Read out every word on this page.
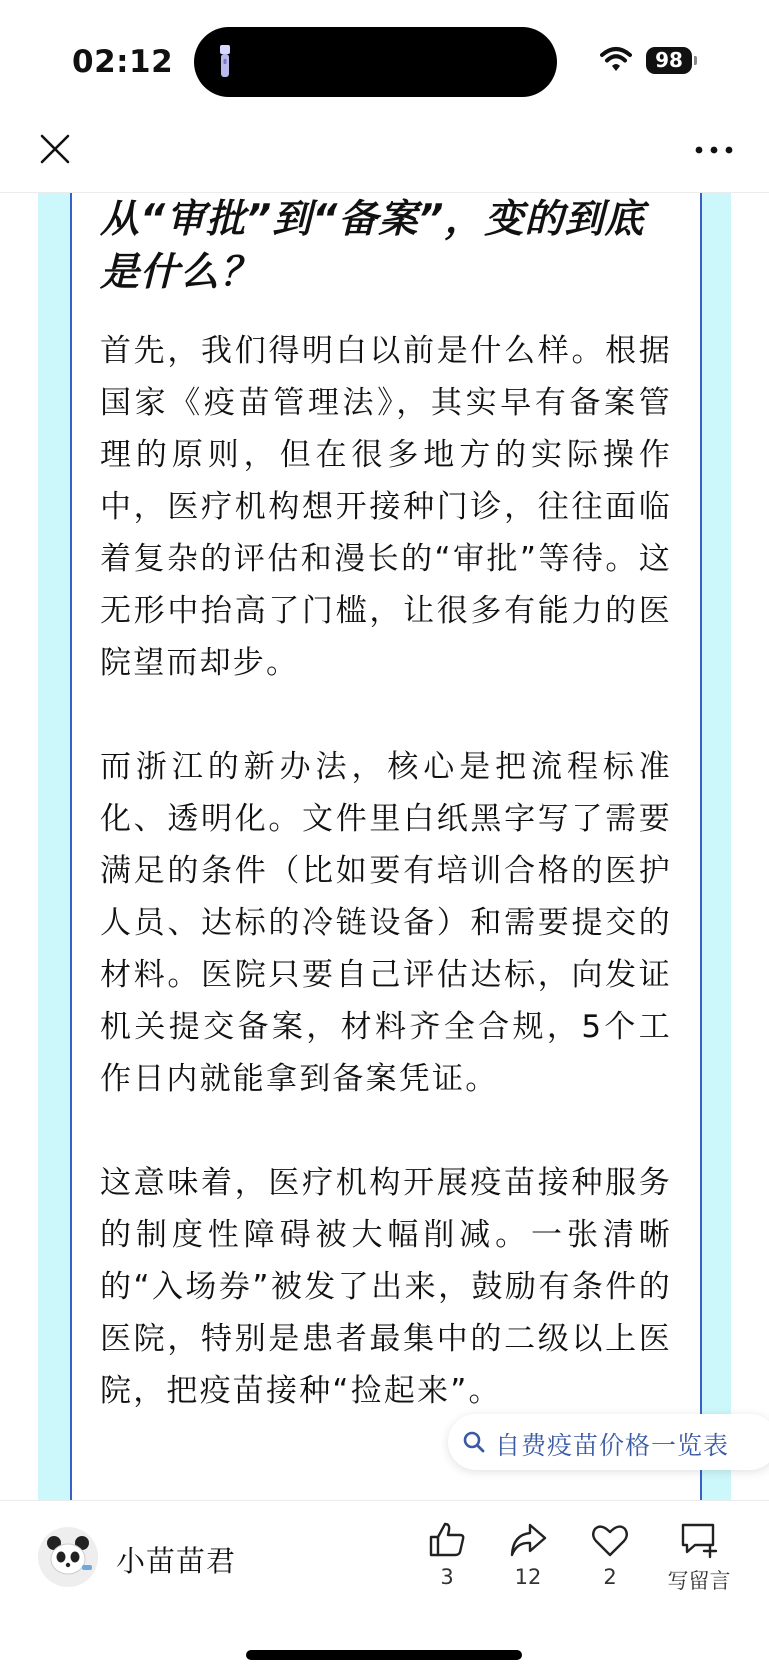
02:12	98
从“审批”到“备案”，变的到底是什么？

首先，我们得明白以前是什么样。根据国家《疫苗管理法》，其实早有备案管理的原则，但在很多地方的实际操作中，医疗机构想开接种门诊，往往面临着复杂的评估和漫长的“审批”等待。这无形中抬高了门槛，让很多有能力的医院望而却步。

而浙江的新办法，核心是把流程标准化、透明化。文件里白纸黑字写了需要满足的条件（比如要有培训合格的医护人员、达标的冷链设备）和需要提交的材料。医院只要自己评估达标，向发证机关提交备案，材料齐全合规，5个工作日内就能拿到备案凭证。

这意味着，医疗机构开展疫苗接种服务的制度性障碍被大幅削减。一张清晰的“入场券”被发了出来，鼓励有条件的医院，特别是患者最集中的二级以上医院，把疫苗接种“捡起来”。

自费疫苗价格一览表
小苗苗君	3	12	2	写留言
